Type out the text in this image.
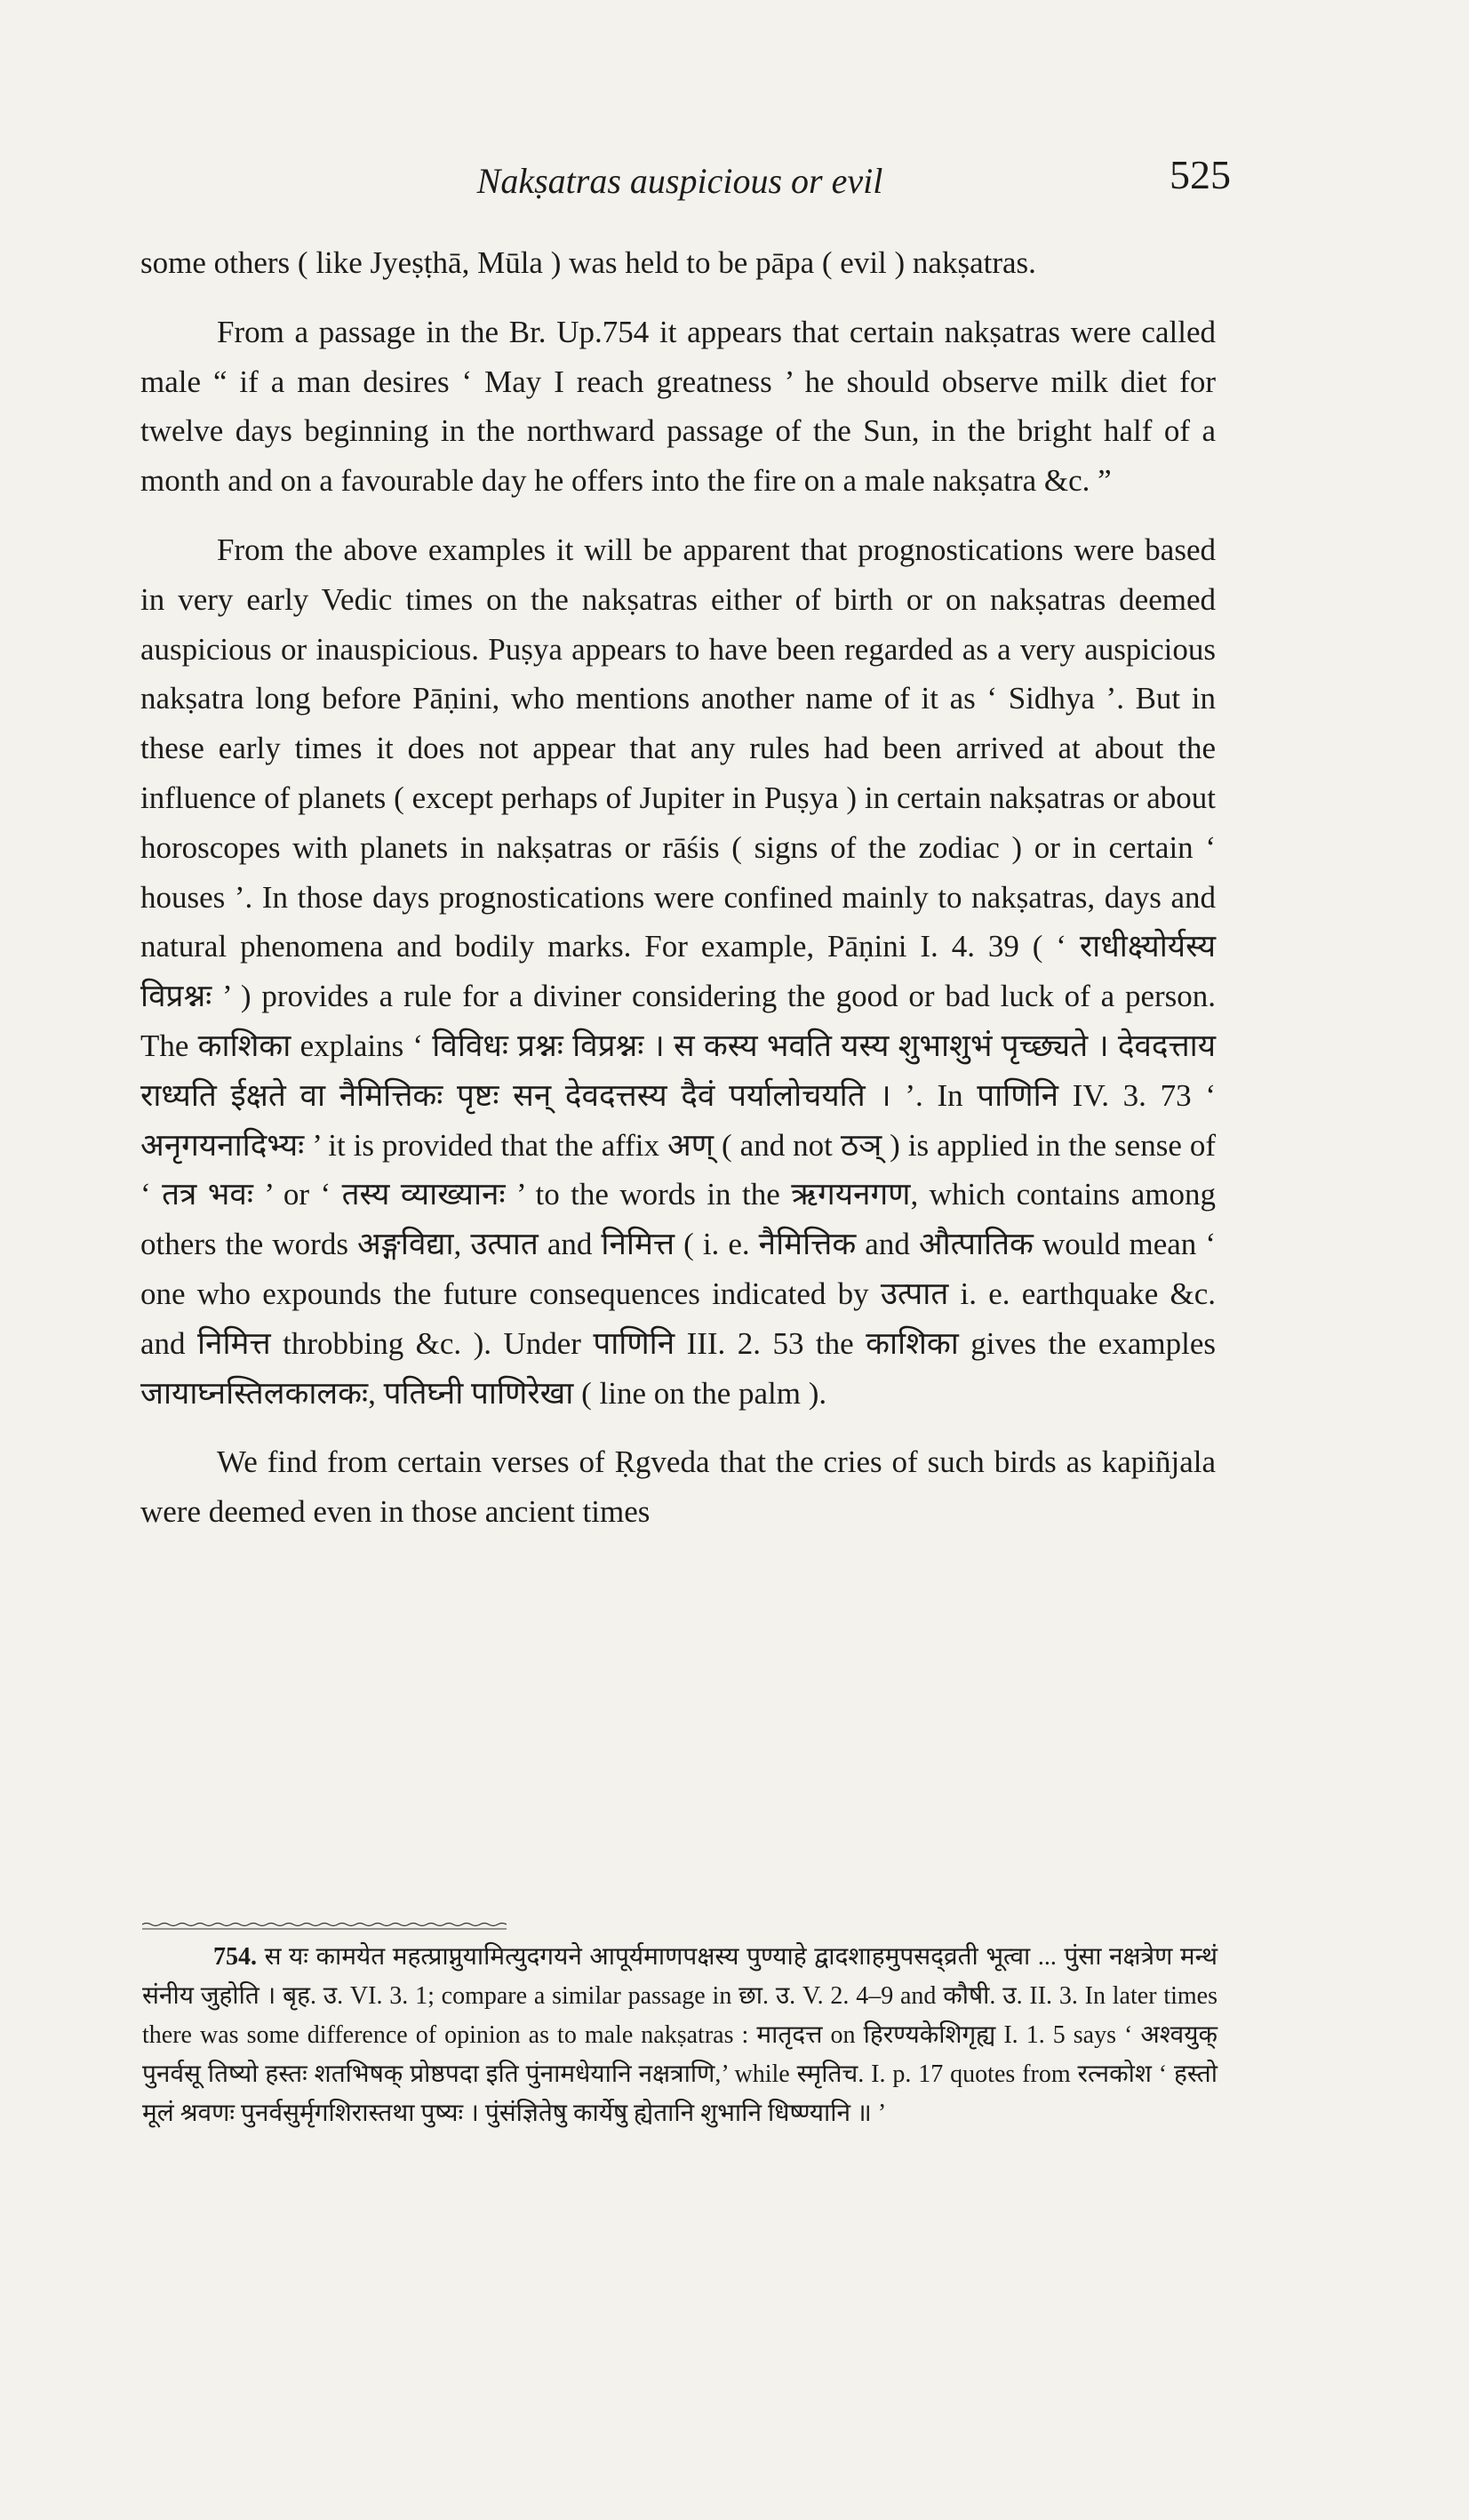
Nakṣatras auspicious or evil	525

some others ( like Jyeṣṭhā, Mūla ) was held to be pāpa ( evil ) nakṣatras.

From a passage in the Br. Up.754 it appears that certain nakṣatras were called male “ if a man desires ‘ May I reach greatness ’ he should observe milk diet for twelve days beginning in the northward passage of the Sun, in the bright half of a month and on a favourable day he offers into the fire on a male nakṣatra &c. ”

From the above examples it will be apparent that prognostications were based in very early Vedic times on the nakṣatras either of birth or on nakṣatras deemed auspicious or inauspicious. Puṣya appears to have been regarded as a very auspicious nakṣatra long before Pāṇini, who mentions another name of it as ‘ Sidhya ’. But in these early times it does not appear that any rules had been arrived at about the influence of planets ( except perhaps of Jupiter in Puṣya ) in certain nakṣatras or about horoscopes with planets in nakṣatras or rāśis ( signs of the zodiac ) or in certain ‘ houses ’. In those days prognostications were confined mainly to nakṣatras, days and natural phenomena and bodily marks. For example, Pāṇini I. 4. 39 ( ‘ राधीक्ष्योर्यस्य विप्रश्नः ’ ) provides a rule for a diviner considering the good or bad luck of a person. The काशिका explains ‘ विविधः प्रश्नः विप्रश्नः । स कस्य भवति यस्य शुभाशुभं पृच्छ्यते । देवदत्ताय राध्यति ईक्षते वा नैमित्तिकः पृष्टः सन् देवदत्तस्य दैवं पर्यालोचयति । ’. In पाणिनि IV. 3. 73 ‘ अनृगयनादिभ्यः ’ it is provided that the affix अण् ( and not ठञ् ) is applied in the sense of ‘ तत्र भवः ’ or ‘ तस्य व्याख्यानः ’ to the words in the ऋगयनगण, which contains among others the words अङ्गविद्या, उत्पात and निमित्त ( i. e. नैमित्तिक and औत्पातिक would mean ‘ one who expounds the future consequences indicated by उत्पात i. e. earthquake &c. and निमित्त throbbing &c. ). Under पाणिनि III. 2. 53 the काशिका gives the examples जायाघ्नस्तिलकालकः, पतिघ्नी पाणिरेखा ( line on the palm ).

We find from certain verses of Ṛgveda that the cries of such birds as kapiñjala were deemed even in those ancient times

754. स यः कामयेत महत्प्राप्नुयामित्युदगयने आपूर्यमाणपक्षस्य पुण्याहे द्वादशाहमुपसद्व्रती भूत्वा ... पुंसा नक्षत्रेण मन्थं संनीय जुहोति । बृह. उ. VI. 3. 1; compare a similar passage in छा. उ. V. 2. 4–9 and कौषी. उ. II. 3. In later times there was some difference of opinion as to male nakṣatras : मातृदत्त on हिरण्यकेशिगृह्य I. 1. 5 says ‘ अश्वयुक् पुनर्वसू तिष्यो हस्तः शतभिषक् प्रोष्ठपदा इति पुंनामधेयानि नक्षत्राणि,’ while स्मृतिच. I. p. 17 quotes from रत्नकोश ‘ हस्तो मूलं श्रवणः पुनर्वसुर्मृगशिरास्तथा पुष्यः । पुंसंज्ञितेषु कार्येषु ह्येतानि शुभानि धिष्ण्यानि ॥ ’
